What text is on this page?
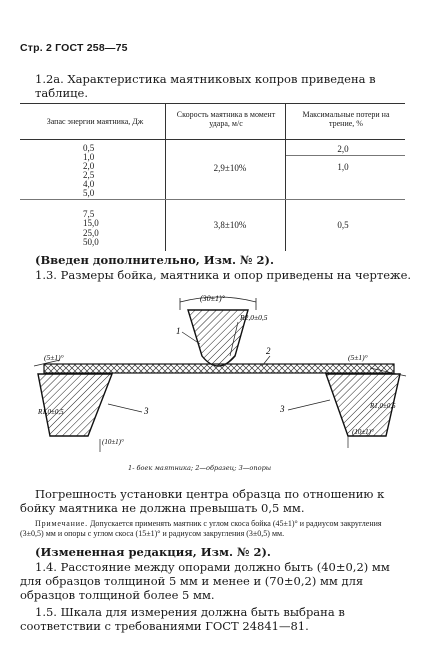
Стр. 2 ГОСТ 258—75
1.2а. Характеристика маятниковых копров приведена в таблице.
Запас энергии маятника, Дж
Скорость маятника в момент удара, м/с
Максимальные потери на трение, %
0,5
1,0
2,0
2,5
4,0
5,0
2,9±10%
2,0
1,0
7,5
15,0
25,0
50,0
3,8±10%	0,5
(Введен дополнительно, Изм. № 2).
1.3. Размеры бойка, маятника и опор приведены на чертеже.
(30±1)°
R2,0±0,5
1
2
(5±1)°
R1,0±0,5	3
(10±1)°
(5±1)°
R1,0±0,5
3
(10±1)°
1- боек маятника; 2—образец; 3—опоры
Погрешность установки центра образца по отношению к бойку маятника не должна превышать 0,5 мм.
Примечание. Допускается применять маятник с углом скоса бойка (45±1)° и радиусом закругления (3±0,5) мм и опоры с углом скоса (15±1)° и радиусом закругления (3±0,5) мм.
(Измененная редакция, Изм. № 2).
1.4. Расстояние между опорами должно быть (40±0,2) мм для образцов толщиной 5 мм и менее и (70±0,2) мм для образцов толщиной более 5 мм.
1.5. Шкала для измерения должна быть выбрана в соответствии с требованиями ГОСТ 24841—81.
